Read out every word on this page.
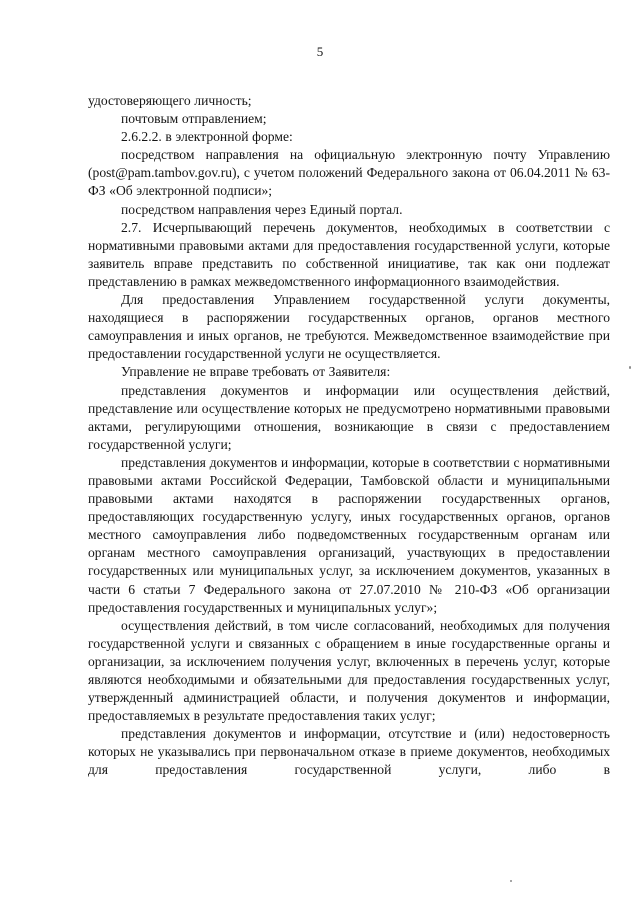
5

удостоверяющего личность;

почтовым отправлением;

2.6.2.2. в электронной форме:

посредством направления на официальную электронную почту Управлению (post@pam.tambov.gov.ru), с учетом положений Федерального закона от 06.04.2011 № 63-ФЗ «Об электронной подписи»;

посредством направления через Единый портал.

2.7. Исчерпывающий перечень документов, необходимых в соответствии с нормативными правовыми актами для предоставления государственной услуги, которые заявитель вправе представить по собственной инициативе, так как они подлежат представлению в рамках межведомственного информационного взаимодействия.

Для предоставления Управлением государственной услуги документы, находящиеся в распоряжении государственных органов, органов местного самоуправления и иных органов, не требуются. Межведомственное взаимодействие при предоставлении государственной услуги не осуществляется.

Управление не вправе требовать от Заявителя:

представления документов и информации или осуществления действий, представление или осуществление которых не предусмотрено нормативными правовыми актами, регулирующими отношения, возникающие в связи с предоставлением государственной услуги;

представления документов и информации, которые в соответствии с нормативными правовыми актами Российской Федерации, Тамбовской области и муниципальными правовыми актами находятся в распоряжении государственных органов, предоставляющих государственную услугу, иных государственных органов, органов местного самоуправления либо подведомственных государственным органам или органам местного самоуправления организаций, участвующих в предоставлении государственных или муниципальных услуг, за исключением документов, указанных в части 6 статьи 7 Федерального закона от 27.07.2010 № 210-ФЗ «Об организации предоставления государственных и муниципальных услуг»;

осуществления действий, в том числе согласований, необходимых для получения государственной услуги и связанных с обращением в иные государственные органы и организации, за исключением получения услуг, включенных в перечень услуг, которые являются необходимыми и обязательными для предоставления государственных услуг, утвержденный администрацией области, и получения документов и информации, предоставляемых в результате предоставления таких услуг;

представления документов и информации, отсутствие и (или) недостоверность которых не указывались при первоначальном отказе в приеме документов, необходимых для предоставления государственной услуги, либо в
